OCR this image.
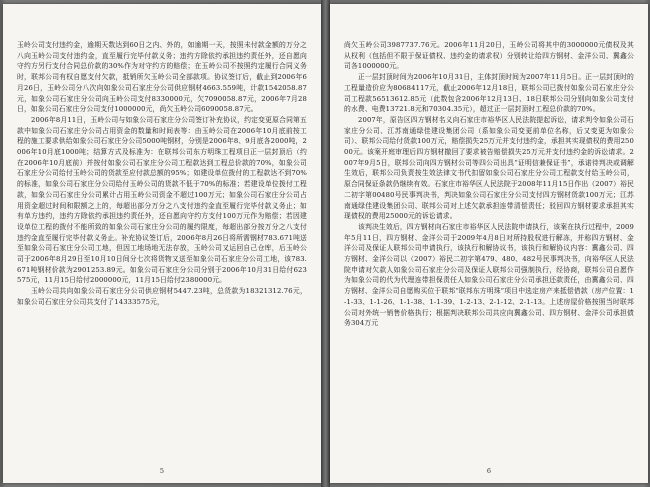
玉岭公司支付违约金，逾期天数达到60日之内、外的，如逾期一天，按照未付款金额的万分之八向玉岭公司支付违约金，直至履行完毕付款义务；违约方除依约承担违约责任外，还自愿向守约方另行支付合同总价款的30%作为对守约方的赔偿；在玉岭公司不按照约定履行合同义务时，联邦公司有权自愿支付欠款，抵销所欠玉岭公司全部款项。协议签订后，截止到2006年6月26日，玉岭公司分八次向如象公司石家庄分公司供应钢材4663.559吨，计款1542058.87元，如象公司石家庄分公司向玉岭公司支付8330000元，欠7090058.87元，2006年7月28日，如象公司石家庄分公司支付1000000元，尚欠玉岭公司6090058.87元。

2006年8月11日，玉岭公司与如象公司石家庄分公司签订补充协议，约定变更原合同第五款中如象公司石家庄分公司占用资金的数量和时间表等：由玉岭公司在2006年10月底前按工程的施工要求供给如象公司石家庄分公司5000吨钢材，分别是2006年8、9月底各2000吨，2006年10月底1000吨；结算方式及标准为：在联邦公司东方明珠工程项目正一层封顶后（约在2006年10月底前）并按付如象公司石家庄分公司工程款达到工程总价款的70%，如象公司石家庄分公司给付玉岭公司的货款至应付款总额的95%；如建设单位拨付的工程款达不到70%的标准，如象公司石家庄分公司给付玉岭公司的货款不低于70%的标准；若建设单位拨付工程款，如象公司石家庄分公司累计占用玉岭公司资金不超过100万元；如象公司石家庄分公司占用资金超过时间和限额之上的，每超出部分万分之八支付违约金直至履行完毕付款义务止；如有单方违约，违约方除依约承担违约责任外，还自愿向守约方支付100万元作为赔偿；若因建设单位工程的拨付不能所致的如象公司石家庄分公司的履约限度，每超出部分按万分之八支付违约金直至履行完毕付款义务止。补充协议签订后，2006年8月26日将所需钢材783.671吨送至如象公司石家庄分公司工地，但因工地场地无法存放，玉岭公司又运回自己仓库，后玉岭公司于2006年8月29日至10月10日间分七次将货物又送至如象公司石家庄分公司工地，该783.671吨钢材价款为2901253.89元。如象公司石家庄分公司分别于2006年10月31日给付623575元，11月15日给付2000000元，11月15日给付2380000元。

玉岭公司共向如象公司石家庄分公司供应钢材5447.23吨，总货款为18321312.76元，如象公司石家庄分公司共支付了14333575元，

5

尚欠玉岭公司3987737.76元。2006年11月20日，玉岭公司将其中的3000000元债权及其从权利（包括但不限于保证债权、违约金的请求权）分别转让给四方钢材、金洋公司、冀鑫公司各1000000元。

正一层封顶时间为2006年10月31日，主体封顶时间为2007年11月5日。正一层封顶时的工程量造价应为80684117元，截止2006年12月18日，联邦公司已拨付如象公司石家庄分公司工程款56513612.85元（此数包含2006年12月13日、18日联邦公司分别向如象公司支付的水费、电费13721.8元和70304.35元），超过正一层封顶时工程总价款的70%。

2007年，原告区四方钢材名义向石家庄市裕华区人民法院提起诉讼，请求判令如象公司石家庄分公司、江苏南通绿佳建设集团公司（系如象公司变更前单位名称，后又变更为如象公司）、联邦公司给付货款100万元，赔偿损失25万元并支付违约金，承担其实现债权的费用25000元。该案开庭审理后四方钢材撤回了要求被告赔偿损失25万元并支付违约金的诉讼请求。2007年9月5日，联邦公司向四方钢材公司等四公司出具“证明信兼保证书”，承诺待判决或调解生效后，联邦公司负责按生效法律文书代扣留如象公司石家庄分公司工程款支付给玉岭公司，原合同保证条款仍继续有效。石家庄市裕华区人民法院于2008年11月15日作出（2007）裕民二初字第00480号民事判决书，判决如象公司石家庄分公司支付四方钢材货款100万元；江苏南通绿佳建设集团公司、联邦公司对上述欠款承担连带清偿责任；驳回四方钢材要求承担其实现债权的费用25000元的诉讼请求。

该判决生效后，四方钢材向石家庄市裕华区人民法院申请执行，该案在执行过程中，2009年5月11日，四方钢材、金洋公司于2009年4月8日对所持股权进行解冻，并称四方钢材、金洋公司及保证人联邦公司申请执行，该执行和解协议书，该执行和解协议内容：冀鑫公司、四方钢材、金洋公司以（2007）裕民二初字第479、480、482号民事判决书，向裕华区人民法院申请对欠款人如象公司石家庄分公司及保证人联邦公司强制执行，经协商，联邦公司自愿作为如象公司的代为代理连带担保责任人如象公司石家庄分公司承担还款责任，由冀鑫公司、四方钢材、金洋公司自愿购买位于联邦“联邦东方明珠”项目中选定房产来抵偿借款（房产位置：1-1-33、1-1-26、1-1-38、1-1-39、1-2-13、2-1-12、2-1-13。上述房屋价格按照当时联邦公司对外统一销售价格执行；根据判决联邦公司共应向冀鑫公司、四方钢材、金洋公司承担债务304万元

6
